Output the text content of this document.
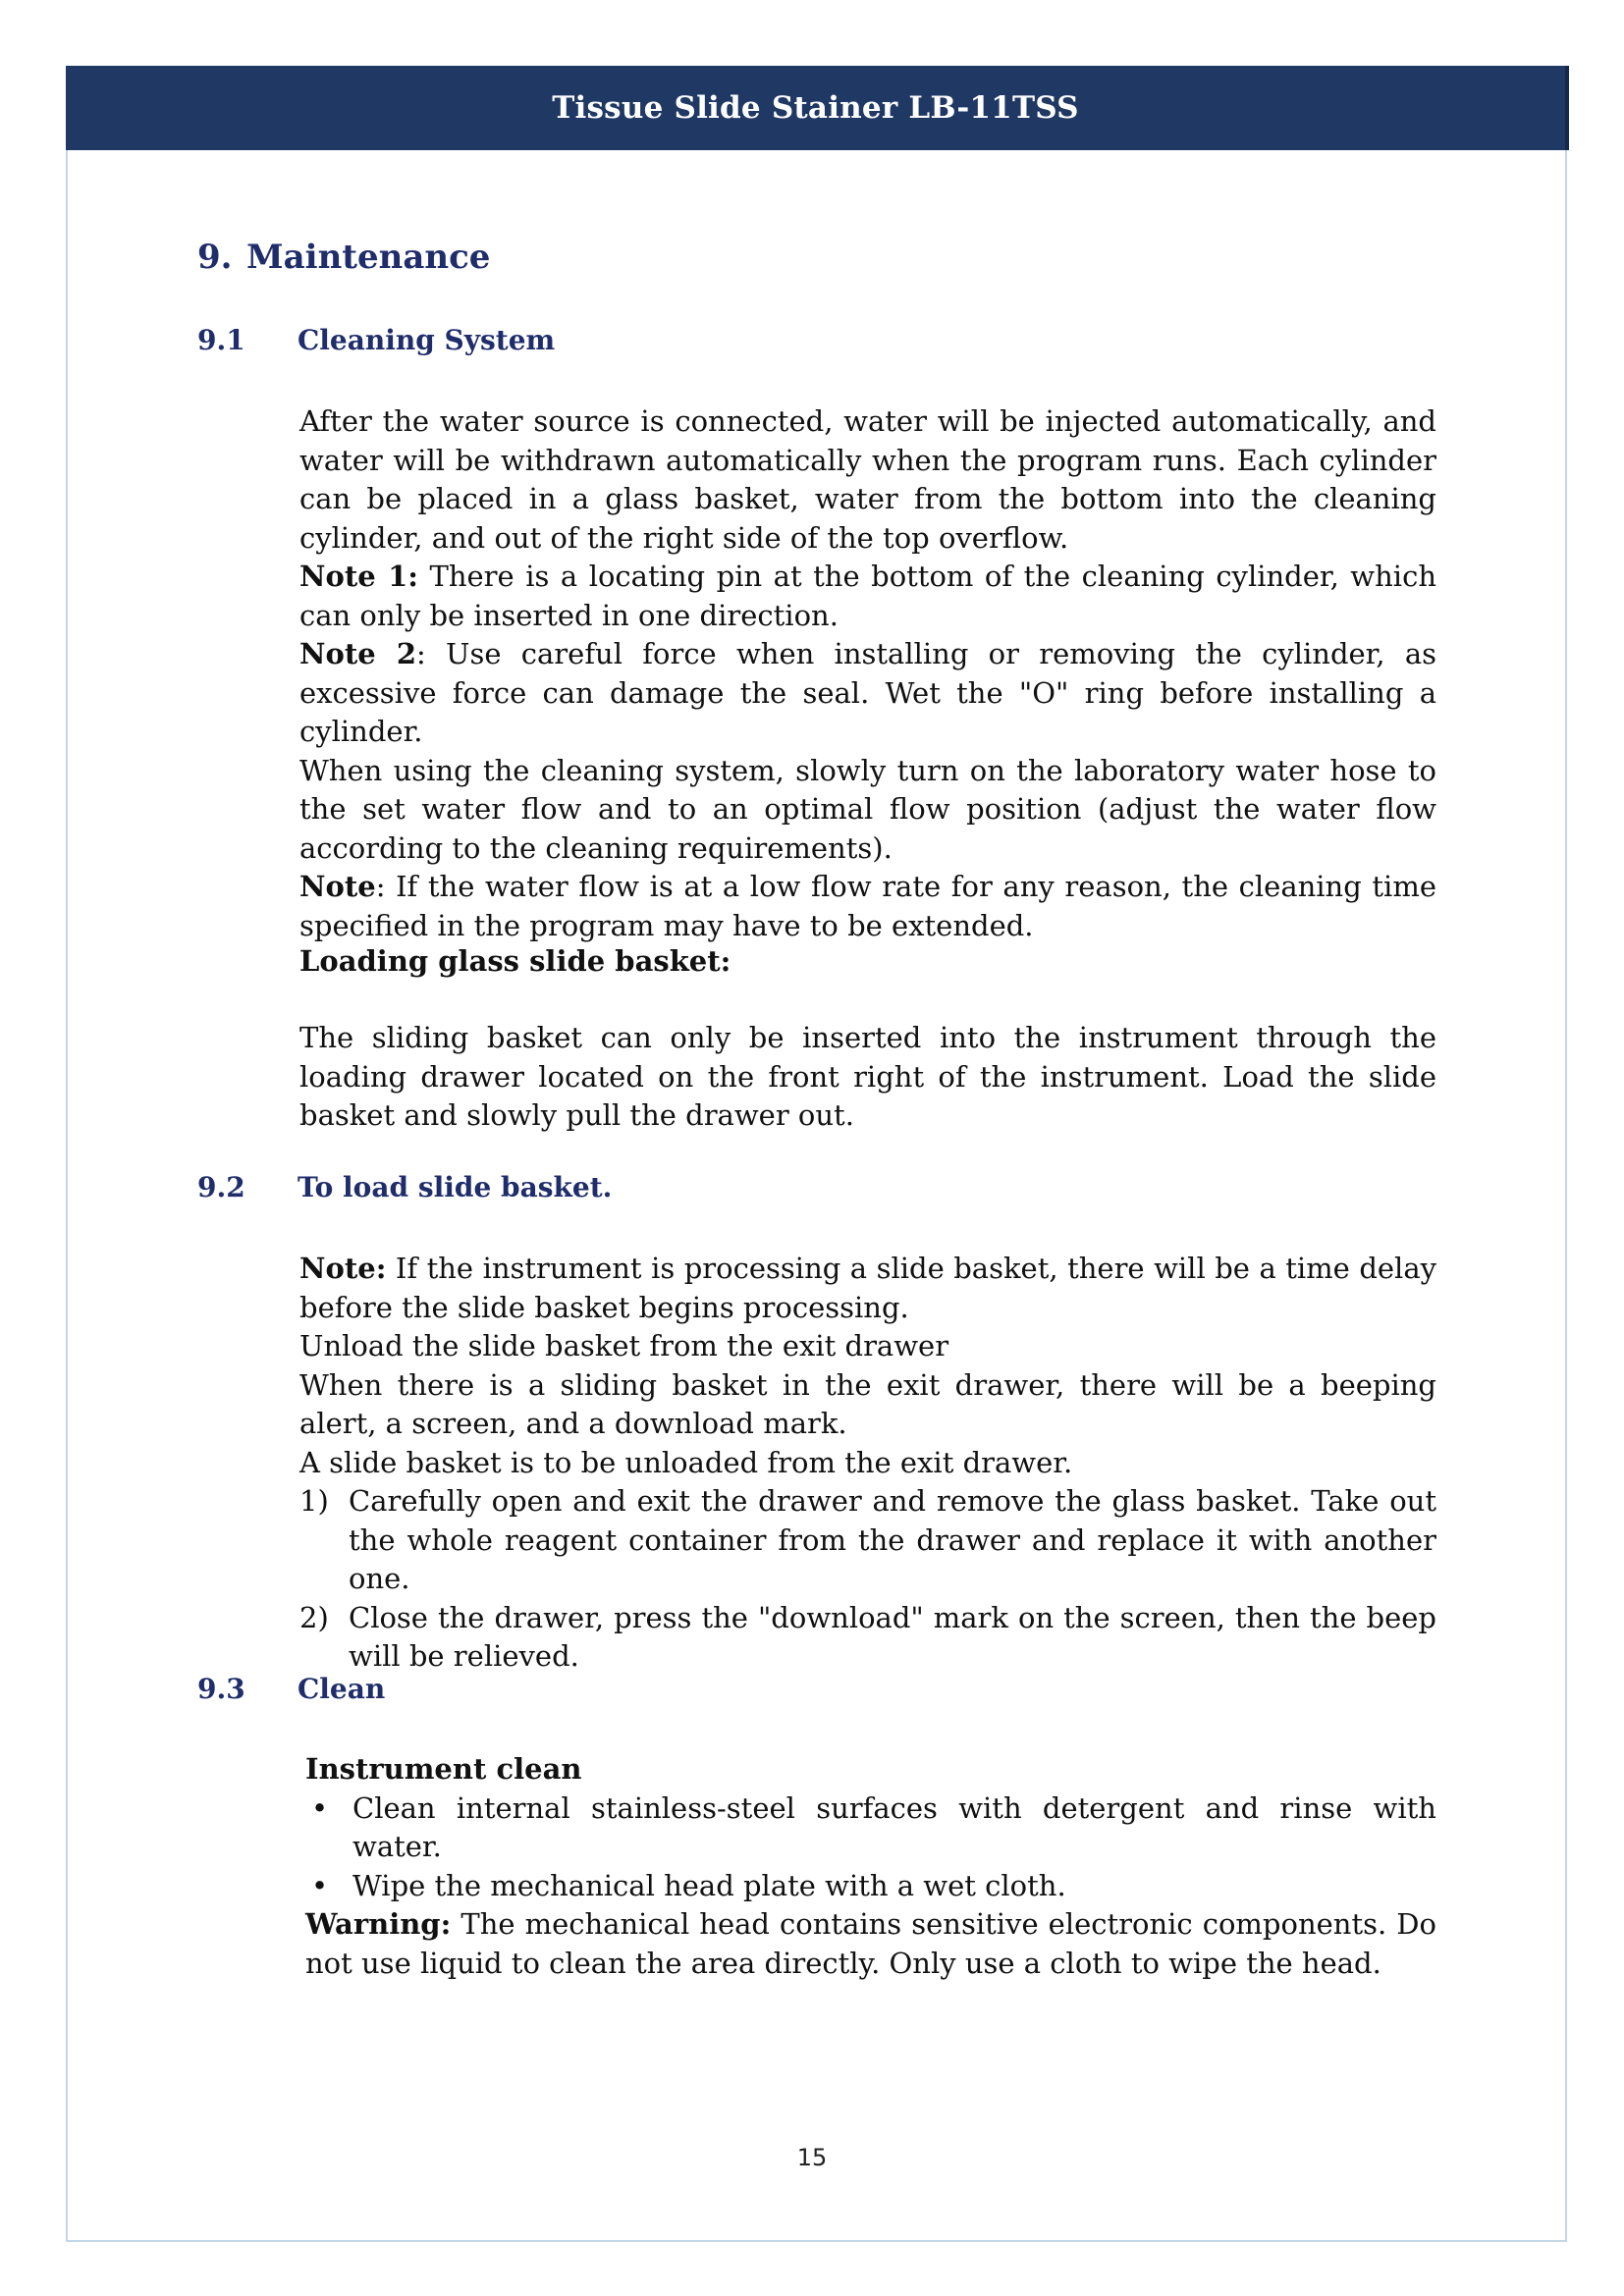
Tissue Slide Stainer LB-11TSS
9. Maintenance
9.1 Cleaning System

After the water source is connected, water will be injected automatically, and water will be withdrawn automatically when the program runs. Each cylinder can be placed in a glass basket, water from the bottom into the cleaning cylinder, and out of the right side of the top overflow.

Note 1: There is a locating pin at the bottom of the cleaning cylinder, which can only be inserted in one direction.

Note 2: Use careful force when installing or removing the cylinder, as excessive force can damage the seal. Wet the "O" ring before installing a cylinder.

When using the cleaning system, slowly turn on the laboratory water hose to the set water flow and to an optimal flow position (adjust the water flow according to the cleaning requirements).

Note: If the water flow is at a low flow rate for any reason, the cleaning time specified in the program may have to be extended.

Loading glass slide basket:

The sliding basket can only be inserted into the instrument through the loading drawer located on the front right of the instrument. Load the slide basket and slowly pull the drawer out.

9.2 To load slide basket.

Note: If the instrument is processing a slide basket, there will be a time delay before the slide basket begins processing.

Unload the slide basket from the exit drawer

When there is a sliding basket in the exit drawer, there will be a beeping alert, a screen, and a download mark.

A slide basket is to be unloaded from the exit drawer.

1) Carefully open and exit the drawer and remove the glass basket. Take out the whole reagent container from the drawer and replace it with another one.
2) Close the drawer, press the "download" mark on the screen, then the beep will be relieved.
9.3 Clean

Instrument clean

• Clean internal stainless-steel surfaces with detergent and rinse with water.
• Wipe the mechanical head plate with a wet cloth.

Warning: The mechanical head contains sensitive electronic components. Do not use liquid to clean the area directly. Only use a cloth to wipe the head.

15
